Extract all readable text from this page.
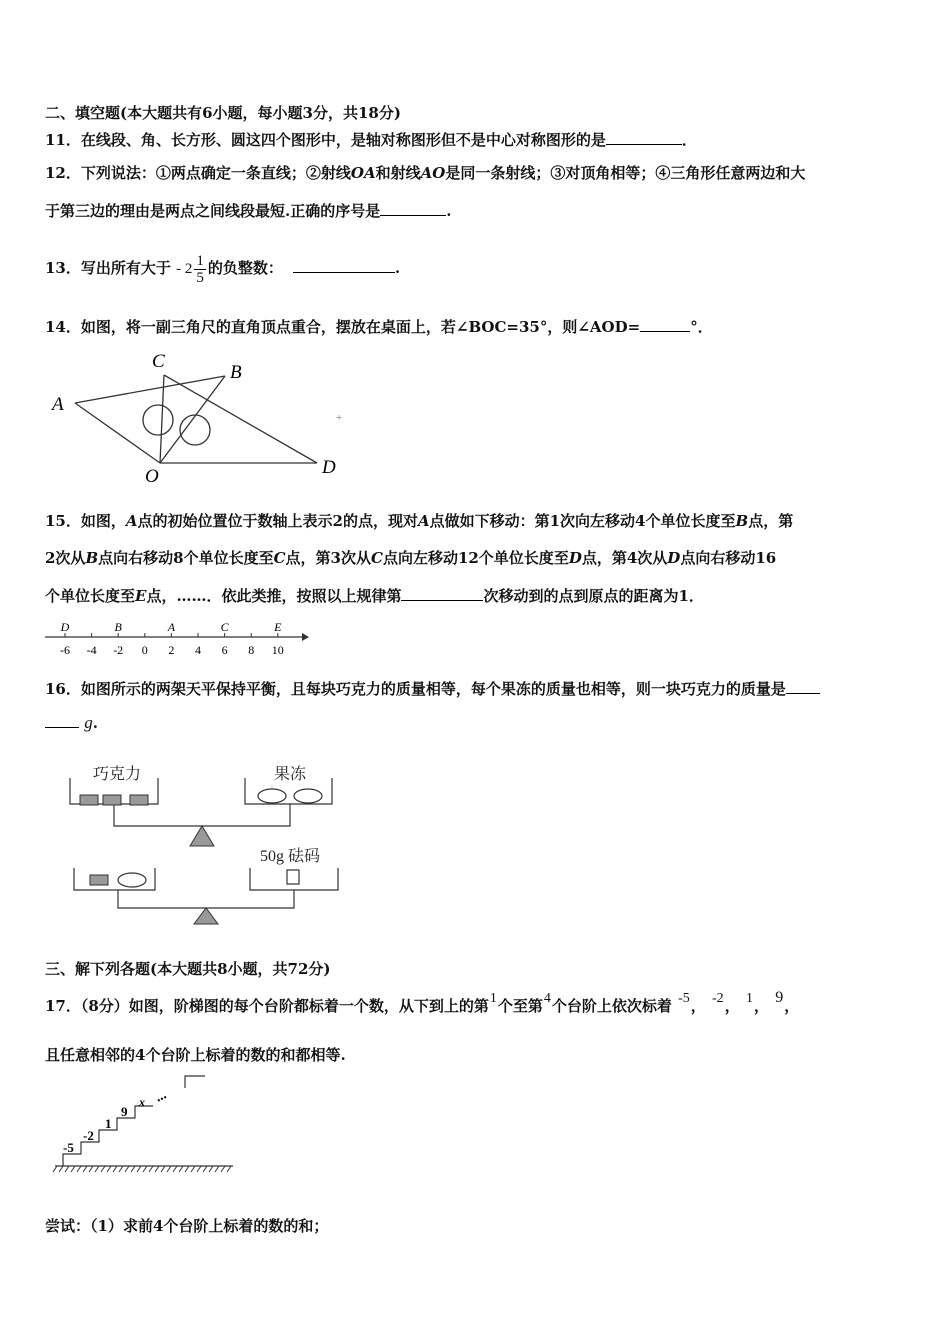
二、填空题(本大题共有6小题，每小题3分，共18分)
11．在线段、角、长方形、圆这四个图形中，是轴对称图形但不是中心对称图形的是	．
12．下列说法：①两点确定一条直线；②射线OA和射线AO是同一条射线；③对顶角相等；④三角形任意两边和大
于第三边的理由是两点之间线段最短.正确的序号是	.
13．写出所有大于 - $2 \frac{1}{5}$ 的负整数：	.
14．如图，将一副三角尺的直角顶点重合，摆放在桌面上，若∠BOC=35°，则∠AOD=	°．
A
B
C
O	D
+
15．如图，A点的初始位置位于数轴上表示2的点，现对A点做如下移动：第1次向左移动4个单位长度至B点，第
2次从B点向右移动8个单位长度至C点，第3次从C点向左移动12个单位长度至D点，第4次从D点向右移动16
个单位长度至E点，……．依此类推，按照以上规律第	次移动到的点到原点的距离为1．
-6 -4 -2 0 2 4 6 8 10
D	B	A	C	E
16．如图所示的两架天平保持平衡，且每块巧克力的质量相等，每个果冻的质量也相等，则一块巧克力的质量是
g.
巧克力	果冻
50g 砝码
三、解下列各题(本大题共8小题，共72分)
17．（8分）如图，阶梯图的每个台阶都标着一个数，从下到上的第1个至第4个台阶上依次标着 -5， -2， 1， 9，
且任意相邻的4个台阶上标着的数的和都相等.
-5
-2
1
9
x ...
尝试：（1）求前4个台阶上标着的数的和；
